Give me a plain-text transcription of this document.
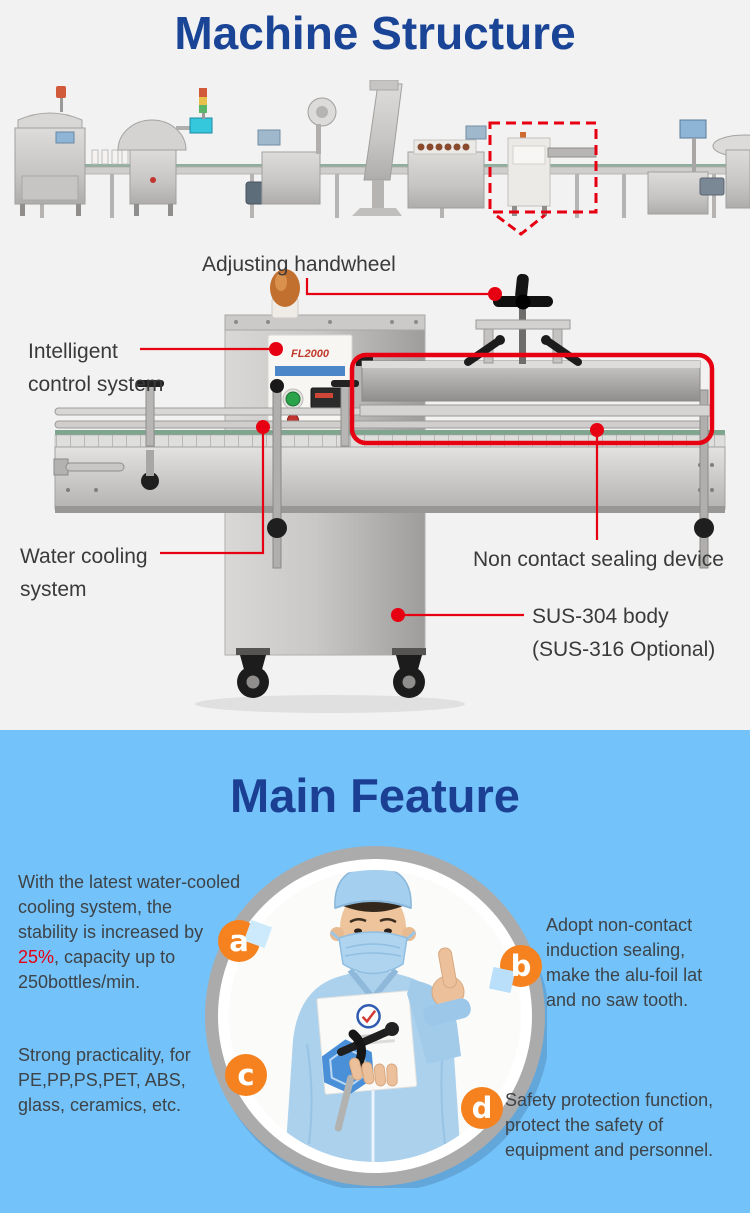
Machine Structure
FL2000
Adjusting handwheel
Intelligent
control system
Water cooling
system
Non contact sealing device
SUS-304 body
(SUS-316 Optional)
Main Feature
a
b
c
d
With the latest water-cooled
cooling system, the
stability is increased by
25%, capacity up to
250bottles/min.
Adopt non-contact
induction sealing,
make the alu-foil lat
and no saw tooth.
Strong practicality, for
PE,PP,PS,PET, ABS,
glass, ceramics, etc.	Safety protection function,
protect the safety of
equipment and personnel.
